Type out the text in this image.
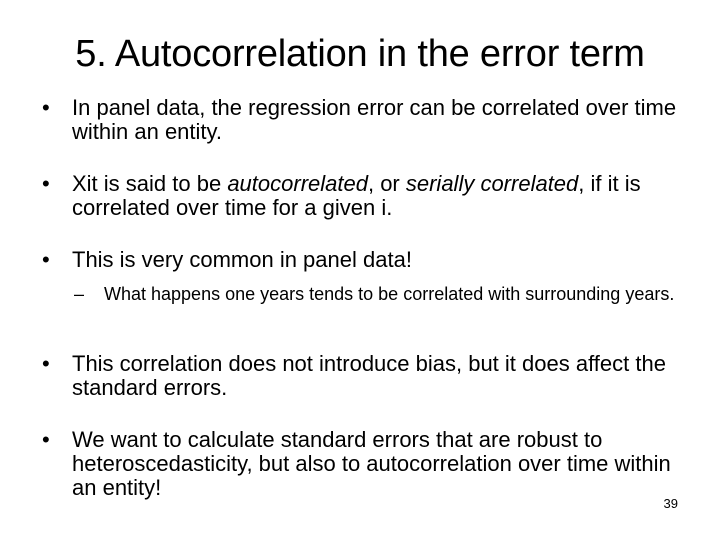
5. Autocorrelation in the error term
•	In panel data, the regression error can be correlated over time within an entity.
•	Xit is said to be autocorrelated, or serially correlated, if it is correlated over time for a given i.
•	This is very common in panel data!
– What happens one years tends to be correlated with surrounding years.
•	This correlation does not introduce bias, but it does affect the standard errors.
•	We want to calculate standard errors that are robust to heteroscedasticity, but also to autocorrelation over time within an entity!
39
